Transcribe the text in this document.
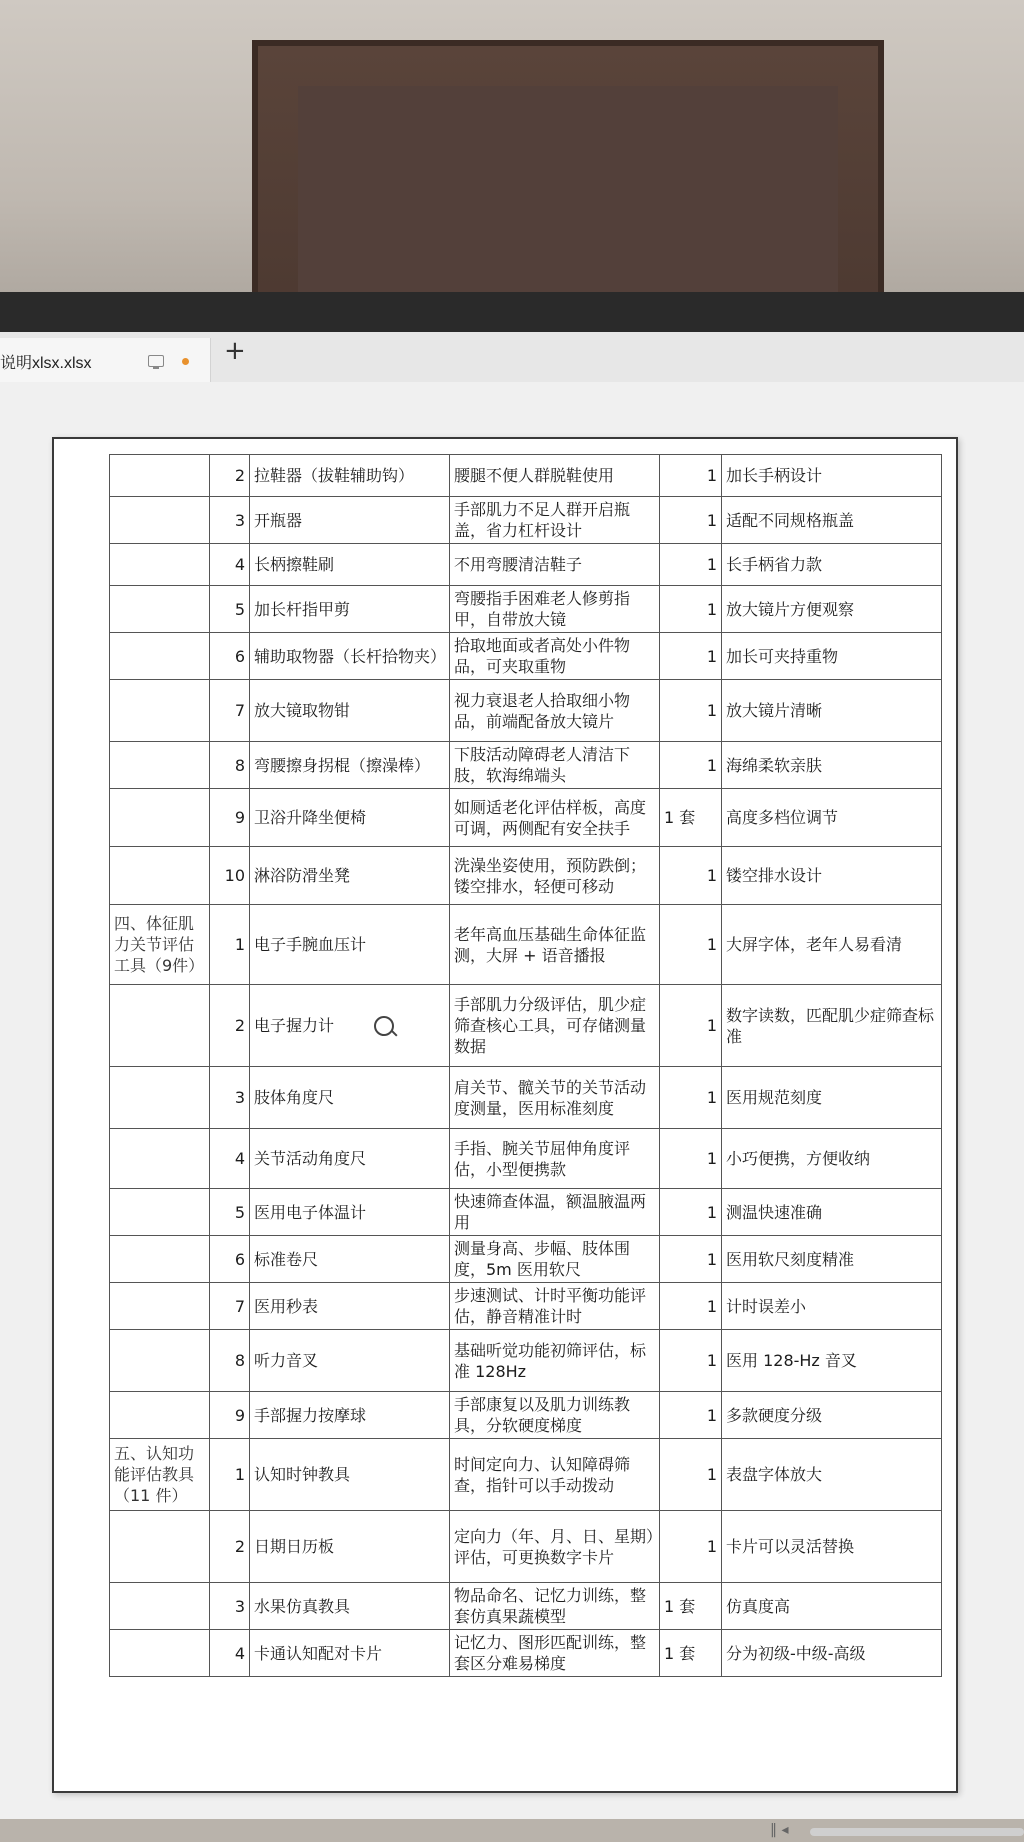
说明xlsx.xlsx	+
	2	拉鞋器（拔鞋辅助钩）	腰腿不便人群脱鞋使用	1	加长手柄设计
	3	开瓶器	手部肌力不足人群开启瓶盖，省力杠杆设计	1	适配不同规格瓶盖
	4	长柄擦鞋刷	不用弯腰清洁鞋子	1	长手柄省力款
	5	加长杆指甲剪	弯腰指手困难老人修剪指甲，自带放大镜	1	放大镜片方便观察
	6	辅助取物器（长杆拾物夹）	拾取地面或者高处小件物品，可夹取重物	1	加长可夹持重物
	7	放大镜取物钳	视力衰退老人拾取细小物品，前端配备放大镜片	1	放大镜片清晰
	8	弯腰擦身拐棍（擦澡棒）	下肢活动障碍老人清洁下肢，软海绵端头	1	海绵柔软亲肤
	9	卫浴升降坐便椅	如厕适老化评估样板，高度可调，两侧配有安全扶手	1 套	高度多档位调节
	10	淋浴防滑坐凳	洗澡坐姿使用，预防跌倒；镂空排水，轻便可移动	1	镂空排水设计
四、体征肌力关节评估工具（9件）	1	电子手腕血压计	老年高血压基础生命体征监测，大屏 + 语音播报	1	大屏字体，老年人易看清
	2	电子握力计	手部肌力分级评估，肌少症筛查核心工具，可存储测量数据	1	数字读数，匹配肌少症筛查标准
	3	肢体角度尺	肩关节、髋关节的关节活动度测量，医用标准刻度	1	医用规范刻度
	4	关节活动角度尺	手指、腕关节屈伸角度评估，小型便携款	1	小巧便携，方便收纳
	5	医用电子体温计	快速筛查体温，额温腋温两用	1	测温快速准确
	6	标准卷尺	测量身高、步幅、肢体围度，5m 医用软尺	1	医用软尺刻度精准
	7	医用秒表	步速测试、计时平衡功能评估，静音精准计时	1	计时误差小
	8	听力音叉	基础听觉功能初筛评估，标准 128Hz	1	医用 128-Hz 音叉
	9	手部握力按摩球	手部康复以及肌力训练教具，分软硬度梯度	1	多款硬度分级
五、认知功能评估教具（11 件）	1	认知时钟教具	时间定向力、认知障碍筛查，指针可以手动拨动	1	表盘字体放大
	2	日期日历板	定向力（年、月、日、星期）评估，可更换数字卡片	1	卡片可以灵活替换
	3	水果仿真教具	物品命名、记忆力训练，整套仿真果蔬模型	1 套	仿真度高
	4	卡通认知配对卡片	记忆力、图形匹配训练，整套区分难易梯度	1 套	分为初级-中级-高级
‖ ◂
